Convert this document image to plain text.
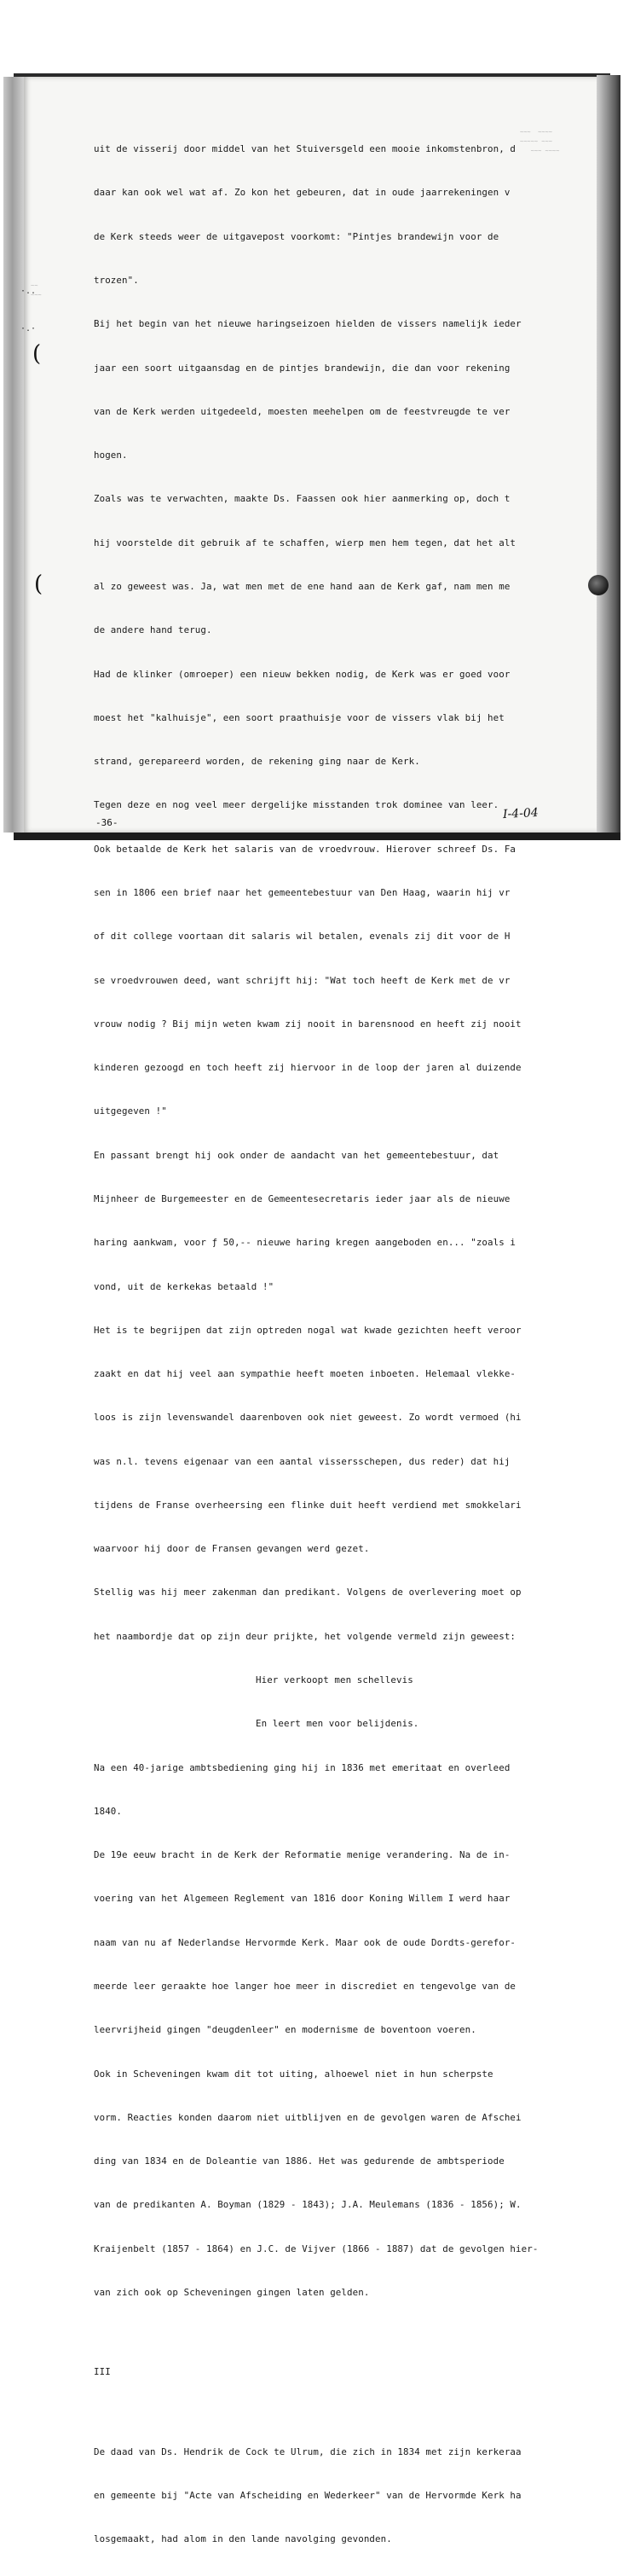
~~~  ~~~~
~~~~~ ~~~
~~~ ~~~~
~~
~~~
(
(
·..
·.·

uit de visserij door middel van het Stuiversgeld een mooie inkomstenbron, d

daar kan ook wel wat af. Zo kon het gebeuren, dat in oude jaarrekeningen v

de Kerk steeds weer de uitgavepost voorkomt: "Pintjes brandewijn voor de

trozen".

Bij het begin van het nieuwe haringseizoen hielden de vissers namelijk ieder

jaar een soort uitgaansdag en de pintjes brandewijn, die dan voor rekening

van de Kerk werden uitgedeeld, moesten meehelpen om de feestvreugde te ver

hogen.

Zoals was te verwachten, maakte Ds. Faassen ook hier aanmerking op, doch t

hij voorstelde dit gebruik af te schaffen, wierp men hem tegen, dat het alt

al zo geweest was. Ja, wat men met de ene hand aan de Kerk gaf, nam men me

de andere hand terug.

Had de klinker (omroeper) een nieuw bekken nodig, de Kerk was er goed voor

moest het "kalhuisje", een soort praathuisje voor de vissers vlak bij het

strand, gerepareerd worden, de rekening ging naar de Kerk.

Tegen deze en nog veel meer dergelijke misstanden trok dominee van leer.

Ook betaalde de Kerk het salaris van de vroedvrouw. Hierover schreef Ds. Fa

sen in 1806 een brief naar het gemeentebestuur van Den Haag, waarin hij vr

of dit college voortaan dit salaris wil betalen, evenals zij dit voor de H

se vroedvrouwen deed, want schrijft hij: "Wat toch heeft de Kerk met de vr

vrouw nodig ? Bij mijn weten kwam zij nooit in barensnood en heeft zij nooit

kinderen gezoogd en toch heeft zij hiervoor in de loop der jaren al duizende

uitgegeven !"

En passant brengt hij ook onder de aandacht van het gemeentebestuur, dat

Mijnheer de Burgemeester en de Gemeentesecretaris ieder jaar als de nieuwe

haring aankwam, voor ƒ 50,-- nieuwe haring kregen aangeboden en... "zoals i

vond, uit de kerkekas betaald !"

Het is te begrijpen dat zijn optreden nogal wat kwade gezichten heeft veroor

zaakt en dat hij veel aan sympathie heeft moeten inboeten. Helemaal vlekke-

loos is zijn levenswandel daarenboven ook niet geweest. Zo wordt vermoed (hi

was n.l. tevens eigenaar van een aantal vissersschepen, dus reder) dat hij

tijdens de Franse overheersing een flinke duit heeft verdiend met smokkelari

waarvoor hij door de Fransen gevangen werd gezet.

Stellig was hij meer zakenman dan predikant. Volgens de overlevering moet op

het naambordje dat op zijn deur prijkte, het volgende vermeld zijn geweest:

Hier verkoopt men schellevis

En leert men voor belijdenis.

Na een 40-jarige ambtsbediening ging hij in 1836 met emeritaat en overleed

1840.

De 19e eeuw bracht in de Kerk der Reformatie menige verandering. Na de in-

voering van het Algemeen Reglement van 1816 door Koning Willem I werd haar

naam van nu af Nederlandse Hervormde Kerk. Maar ook de oude Dordts-gerefor-

meerde leer geraakte hoe langer hoe meer in discrediet en tengevolge van de

leervrijheid gingen "deugdenleer" en modernisme de boventoon voeren.

Ook in Scheveningen kwam dit tot uiting, alhoewel niet in hun scherpste

vorm. Reacties konden daarom niet uitblijven en de gevolgen waren de Afschei

ding van 1834 en de Doleantie van 1886. Het was gedurende de ambtsperiode

van de predikanten A. Boyman (1829 - 1843); J.A. Meulemans (1836 - 1856); W.

Kraijenbelt (1857 - 1864) en J.C. de Vijver (1866 - 1887) dat de gevolgen hier-

van zich ook op Scheveningen gingen laten gelden.

III

De daad van Ds. Hendrik de Cock te Ulrum, die zich in 1834 met zijn kerkeraa

en gemeente bij "Acte van Afscheiding en Wederkeer" van de Hervormde Kerk ha

losgemaakt, had alom in den lande navolging gevonden.

-36-
I-4-04
